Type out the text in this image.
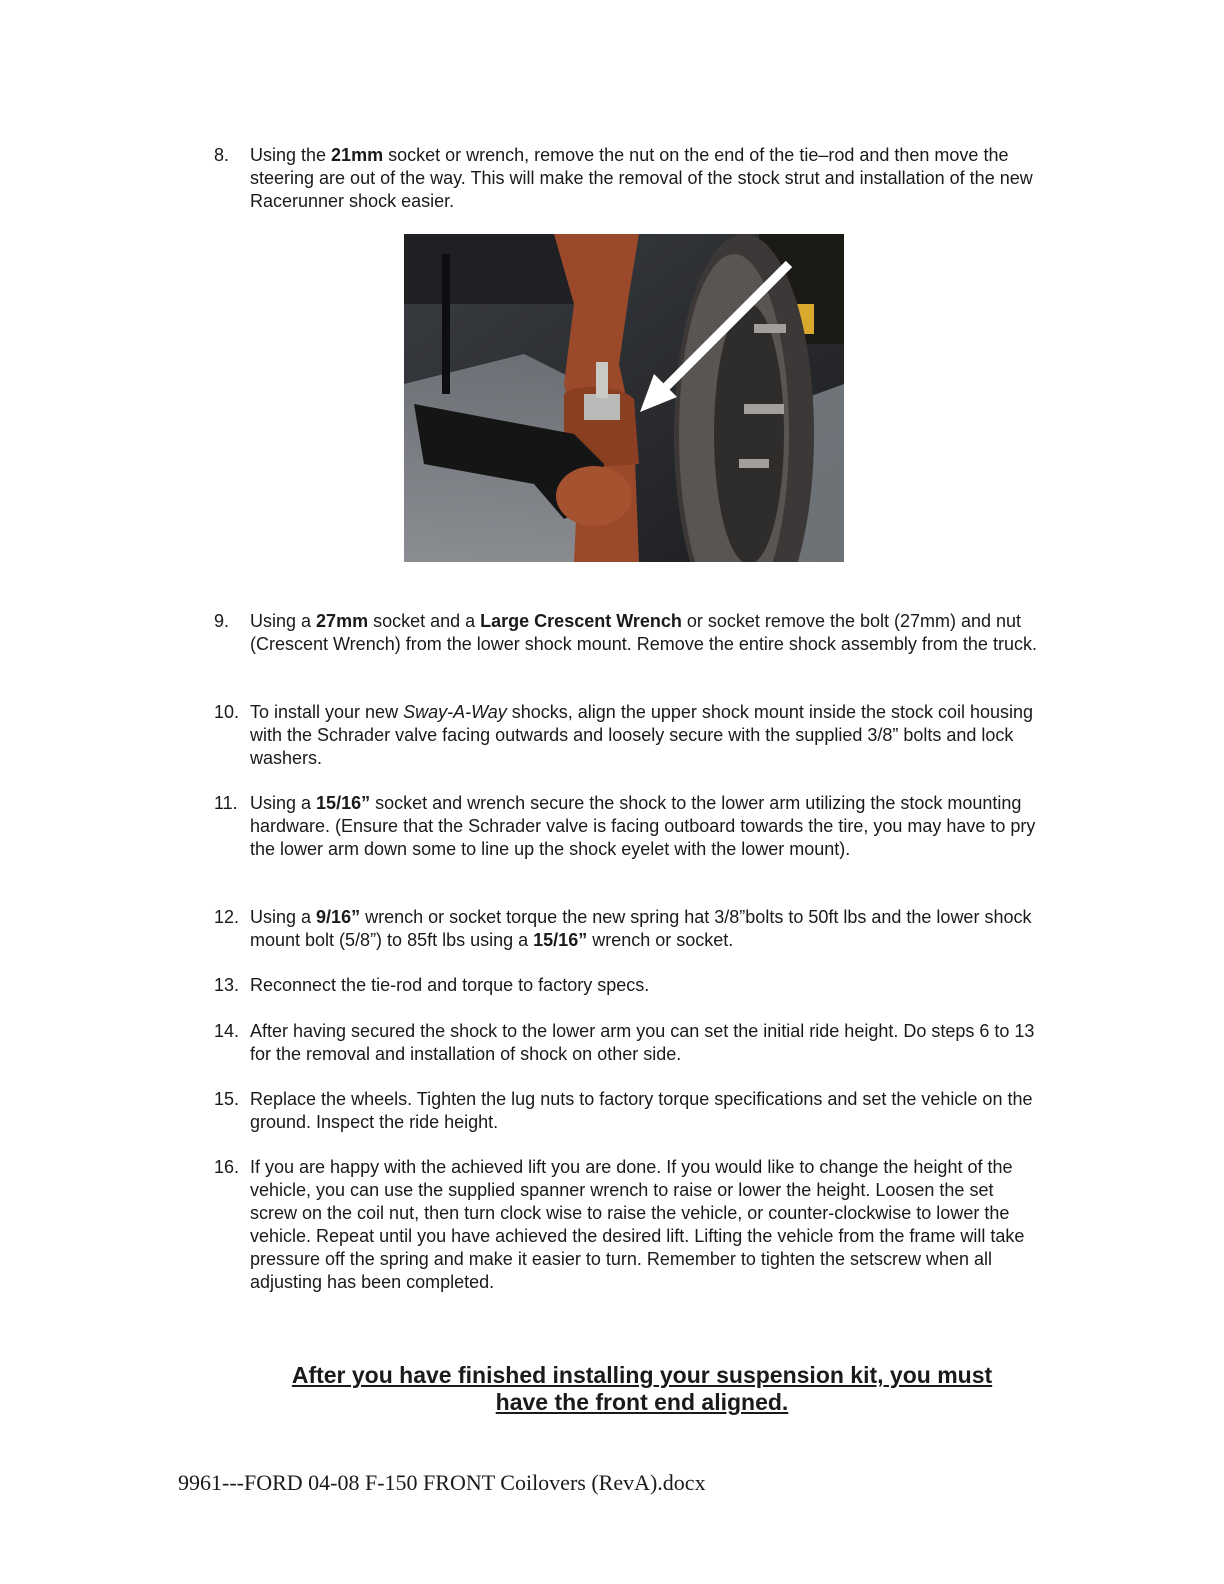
8. Using the 21mm socket or wrench, remove the nut on the end of the tie–rod and then move the steering are out of the way. This will make the removal of the stock strut and installation of the new Racerunner shock easier.
9. Using a 27mm socket and a Large Crescent Wrench or socket remove the bolt (27mm) and nut (Crescent Wrench) from the lower shock mount. Remove the entire shock assembly from the truck.
10. To install your new Sway-A-Way shocks, align the upper shock mount inside the stock coil housing with the Schrader valve facing outwards and loosely secure with the supplied 3/8” bolts and lock washers.
11. Using a 15/16” socket and wrench secure the shock to the lower arm utilizing the stock mounting hardware. (Ensure that the Schrader valve is facing outboard towards the tire, you may have to pry the lower arm down some to line up the shock eyelet with the lower mount).
12. Using a 9/16” wrench or socket torque the new spring hat 3/8”bolts to 50ft lbs and the lower shock mount bolt (5/8”) to 85ft lbs using a 15/16” wrench or socket.
13. Reconnect the tie-rod and torque to factory specs.
14. After having secured the shock to the lower arm you can set the initial ride height. Do steps 6 to 13 for the removal and installation of shock on other side.
15. Replace the wheels. Tighten the lug nuts to factory torque specifications and set the vehicle on the ground. Inspect the ride height.
16. If you are happy with the achieved lift you are done. If you would like to change the height of the vehicle, you can use the supplied spanner wrench to raise or lower the height. Loosen the set screw on the coil nut, then turn clock wise to raise the vehicle, or counter-clockwise to lower the vehicle. Repeat until you have achieved the desired lift. Lifting the vehicle from the frame will take pressure off the spring and make it easier to turn. Remember to tighten the setscrew when all adjusting has been completed.
After you have finished installing your suspension kit, you must
have the front end aligned.
9961---FORD 04-08 F-150 FRONT Coilovers (RevA).docx
